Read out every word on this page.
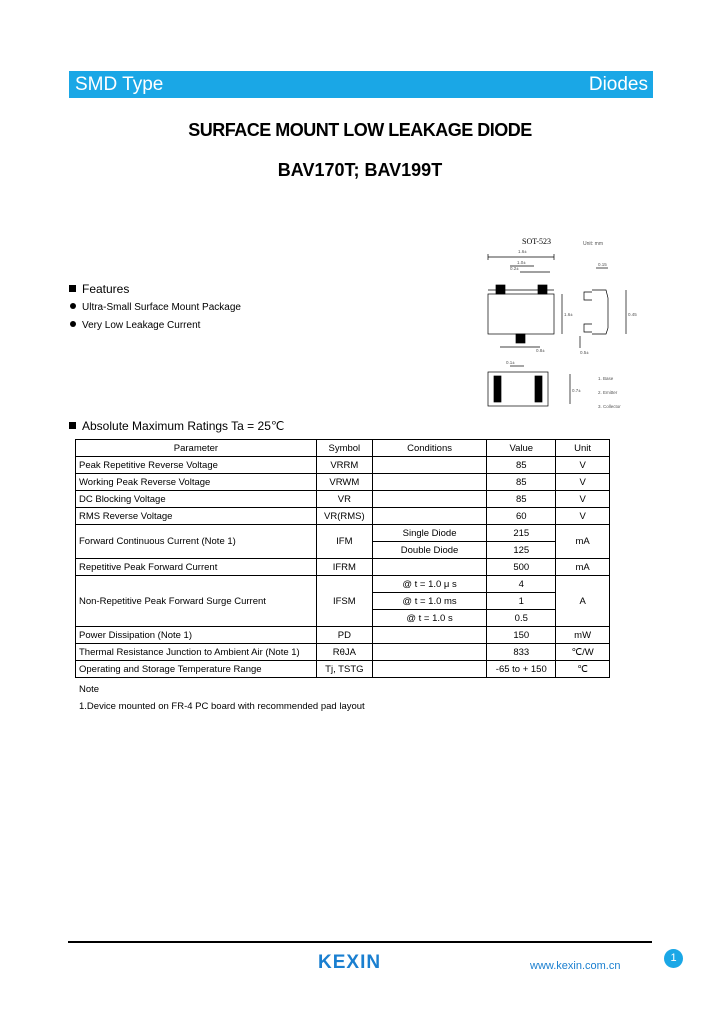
SMD Type	Diodes
SURFACE MOUNT LOW LEAKAGE DIODE
BAV170T; BAV199T
Features
Ultra-Small Surface Mount Package
Very Low Leakage Current
SOT-523	Unit: mm
1.6±
1.0±
0.2±
1.6±
0.8±
0.15
0.45
0.5±
0.1±
0.7±
1. Base
2. Emitter
3. Collector
Absolute Maximum Ratings Ta = 25℃
Parameter	Symbol	Conditions	Value	Unit
Peak Repetitive Reverse Voltage	VRRM		85	V
Working Peak Reverse Voltage	VRWM		85	V
DC Blocking Voltage	VR		85	V
RMS Reverse Voltage	VR(RMS)		60	V
Forward Continuous Current (Note 1)	IFM	Single Diode	215	mA
		Double Diode	125	
Repetitive Peak Forward Current	IFRM		500	mA
Non-Repetitive Peak Forward Surge Current	IFSM	@ t = 1.0 μ s	4	A
		@ t = 1.0 ms	1	
		@ t = 1.0 s	0.5	
Power Dissipation (Note 1)	PD		150	mW
Thermal Resistance Junction to Ambient Air (Note 1)	RθJA		833	℃/W
Operating and Storage Temperature Range	Tj, TSTG		-65 to + 150	℃
Note
1.Device mounted on FR-4 PC board with recommended pad layout
KEXIN	www.kexin.com.cn
1
